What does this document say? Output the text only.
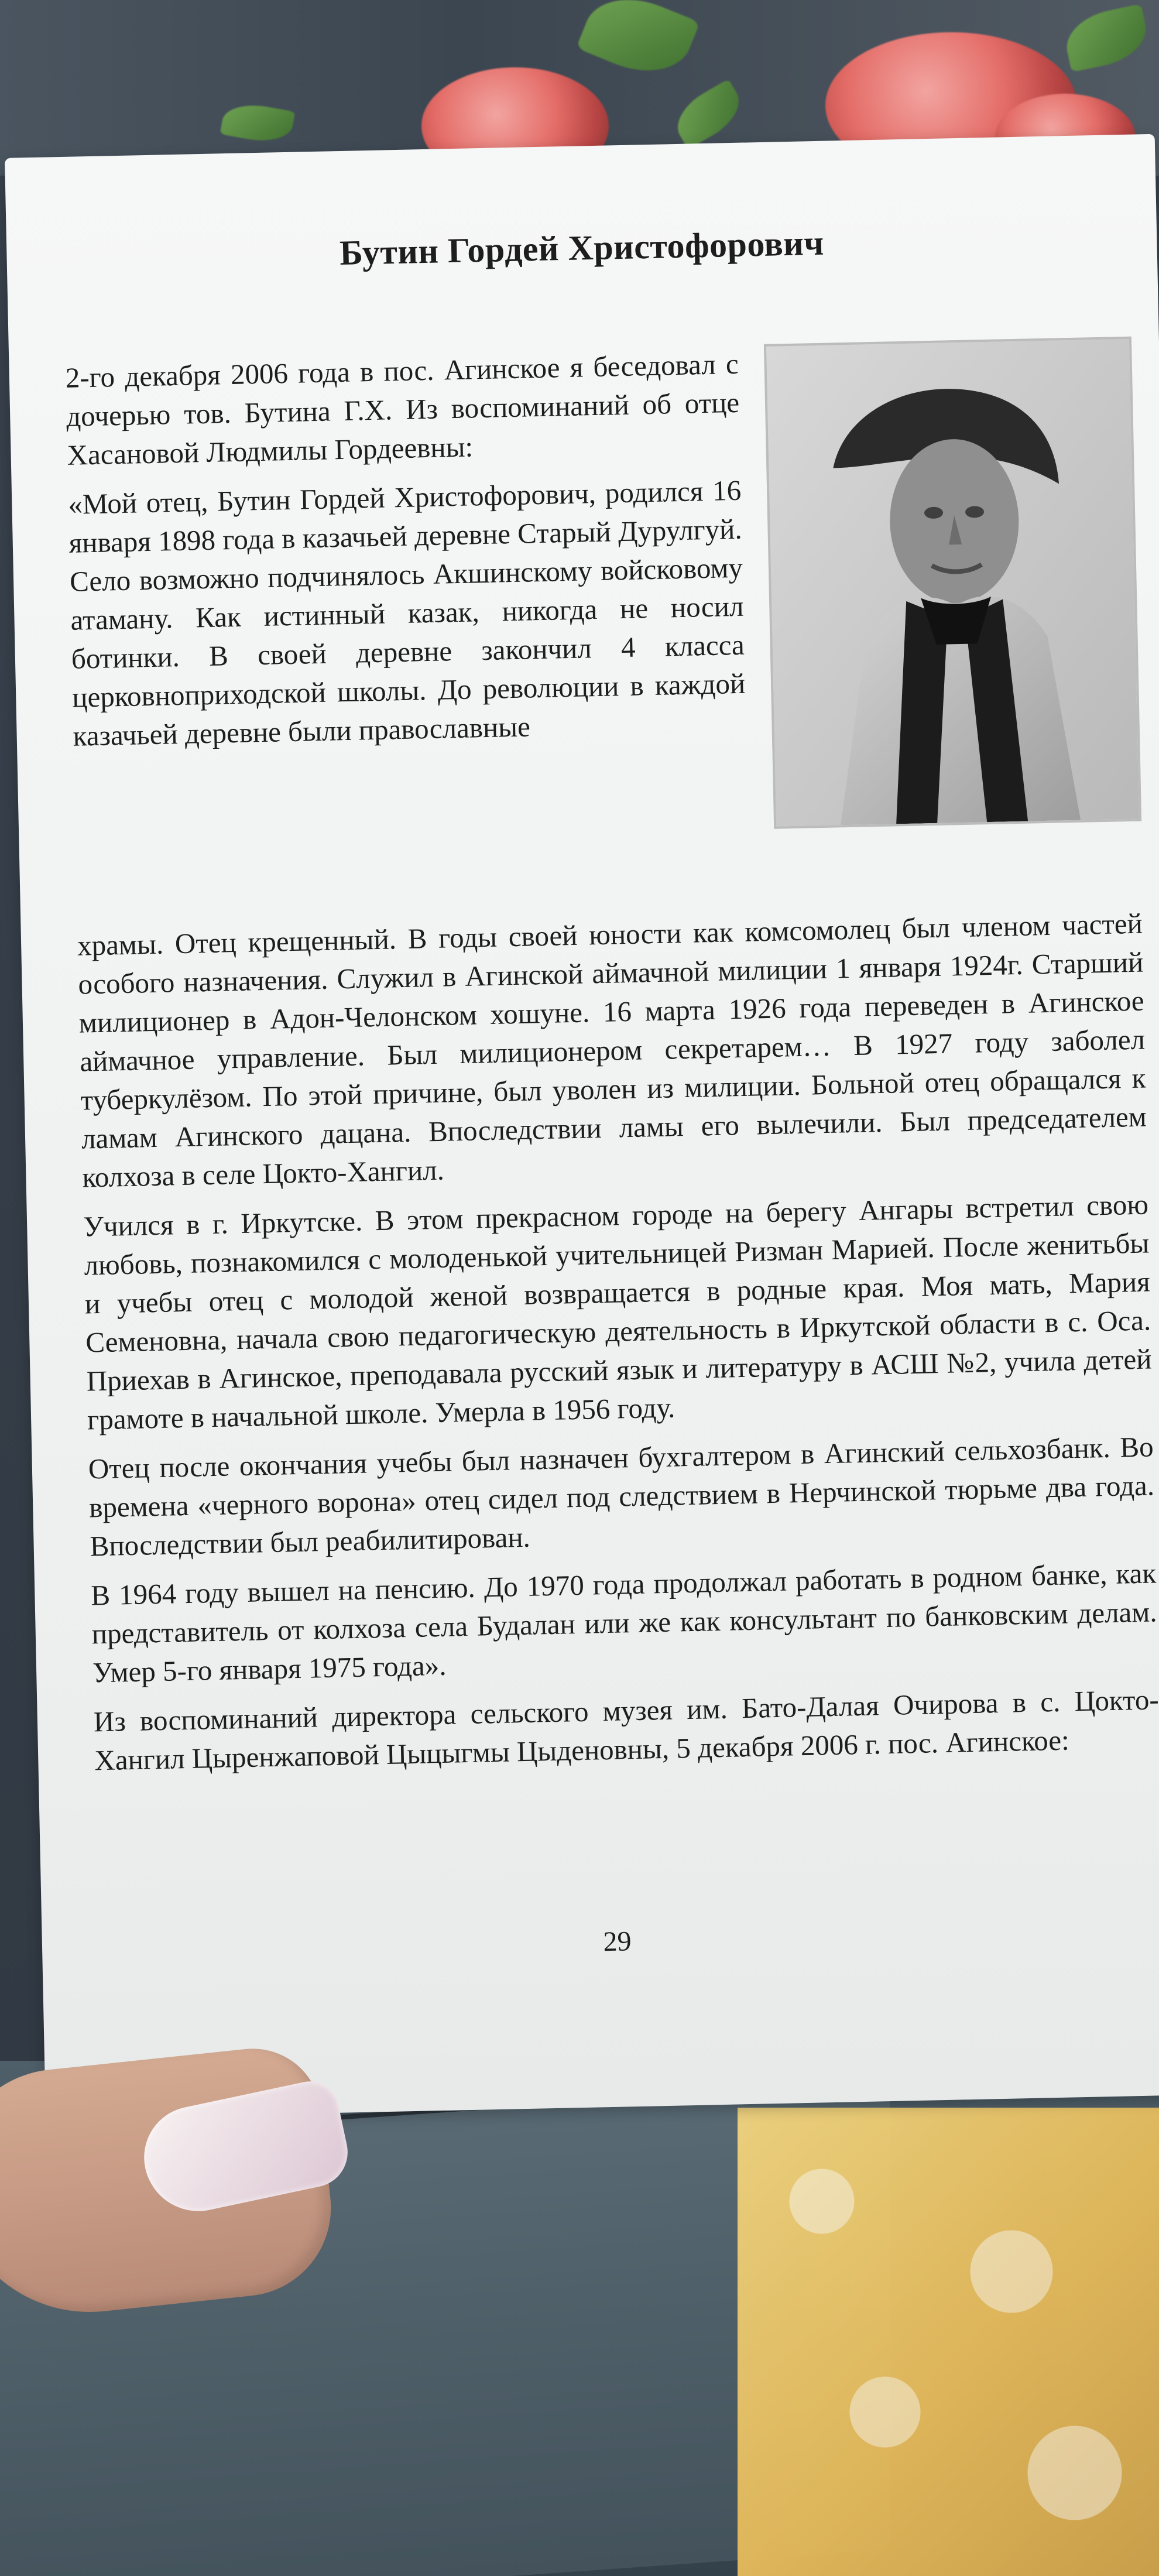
Бутин Гордей Христофорович

2-го декабря 2006 года в пос. Агинское я беседовал с дочерью тов. Бутина Г.Х. Из воспоминаний об отце Хасановой Людмилы Гордеевны:

«Мой отец, Бутин Гордей Христофорович, родился 16 января 1898 года в казачьей деревне Старый Дурулгуй. Село возможно подчинялось Акшинскому войсковому атаману. Как истинный казак, никогда не носил ботинки. В своей деревне закончил 4 класса церковноприходской школы. До революции в каждой казачьей деревне были православные

храмы. Отец крещенный. В годы своей юности как комсомолец был членом частей особого назначения. Служил в Агинской аймачной милиции 1 января 1924г. Старший милиционер в Адон-Челонском хошуне. 16 марта 1926 года переведен в Агинское аймачное управление. Был милиционером секретарем… В 1927 году заболел туберкулёзом. По этой причине, был уволен из милиции. Больной отец обращался к ламам Агинского дацана. Впоследствии ламы его вылечили. Был председателем колхоза в селе Цокто-Хангил.

Учился в г. Иркутске. В этом прекрасном городе на берегу Ангары встретил свою любовь, познакомился с молоденькой учительницей Ризман Марией. После женитьбы и учебы отец с молодой женой возвращается в родные края. Моя мать, Мария Семеновна, начала свою педагогическую деятельность в Иркутской области в с. Оса. Приехав в Агинское, преподавала русский язык и литературу в АСШ №2, учила детей грамоте в начальной школе. Умерла в 1956 году.

Отец после окончания учебы был назначен бухгалтером в Агинский сельхозбанк. Во времена «черного ворона» отец сидел под следствием в Нерчинской тюрьме два года. Впоследствии был реабилитирован.

В 1964 году вышел на пенсию. До 1970 года продолжал работать в родном банке, как представитель от колхоза села Будалан или же как консультант по банковским делам. Умер 5-го января 1975 года».

Из воспоминаний директора сельского музея им. Бато-Далая Очирова в с. Цокто-Хангил Цыренжаповой Цыцыгмы Цыденовны, 5 декабря 2006 г. пос. Агинское:

29
